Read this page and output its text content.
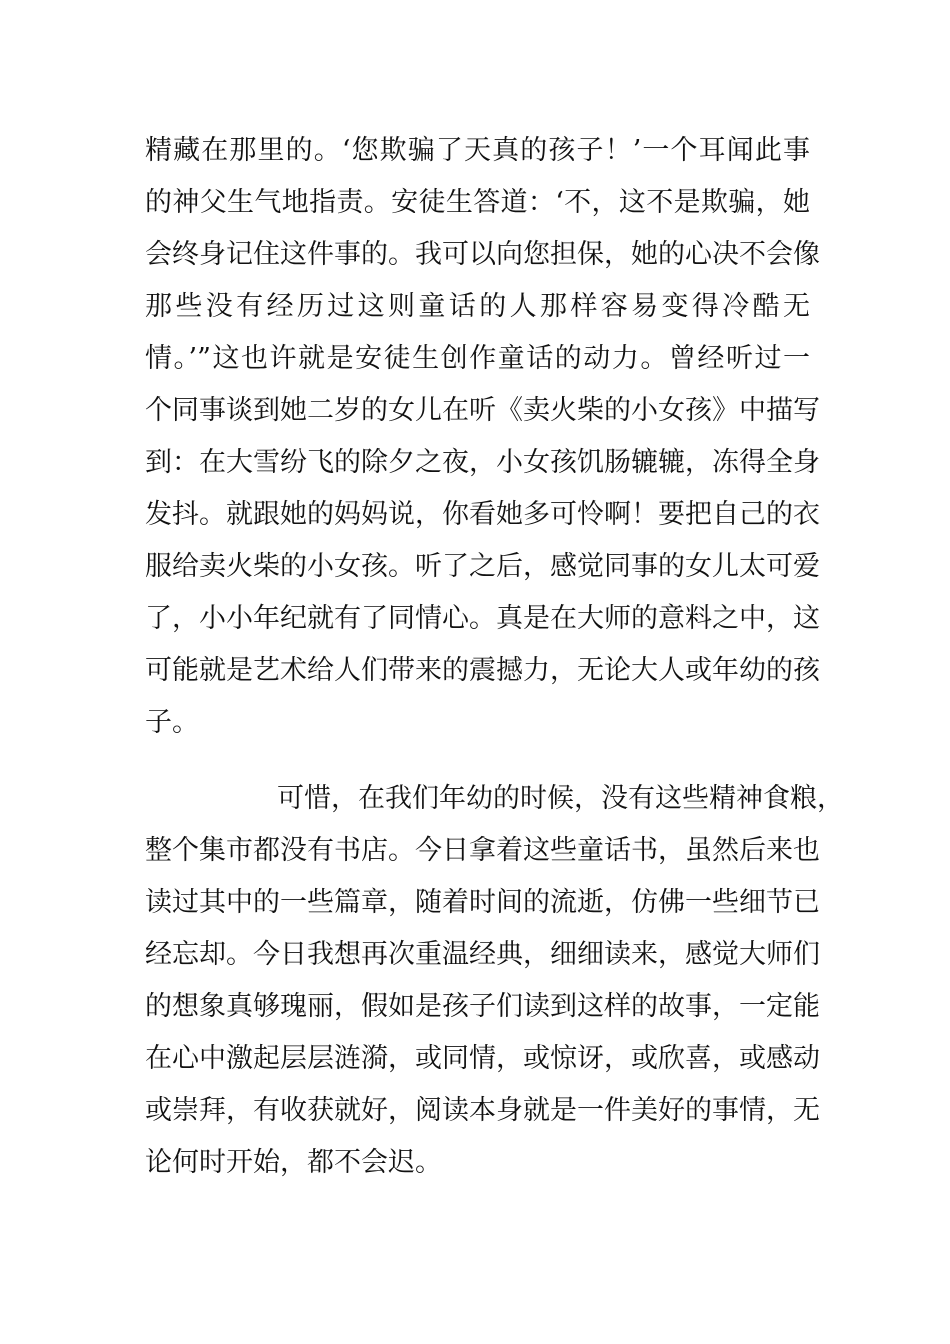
精藏在那里的。‘您欺骗了天真的孩子！’一个耳闻此事
的神父生气地指责。安徒生答道：‘不，这不是欺骗，她
会终身记住这件事的。我可以向您担保，她的心决不会像
那些没有经历过这则童话的人那样容易变得冷酷无
情。’”这也许就是安徒生创作童话的动力。曾经听过一
个同事谈到她二岁的女儿在听《卖火柴的小女孩》中描写
到：在大雪纷飞的除夕之夜，小女孩饥肠辘辘，冻得全身
发抖。就跟她的妈妈说，你看她多可怜啊！要把自己的衣
服给卖火柴的小女孩。听了之后，感觉同事的女儿太可爱
了，小小年纪就有了同情心。真是在大师的意料之中，这
可能就是艺术给人们带来的震撼力，无论大人或年幼的孩
子。
可惜，在我们年幼的时候，没有这些精神食粮，
整个集市都没有书店。今日拿着这些童话书，虽然后来也
读过其中的一些篇章，随着时间的流逝，仿佛一些细节已
经忘却。今日我想再次重温经典，细细读来，感觉大师们
的想象真够瑰丽，假如是孩子们读到这样的故事，一定能
在心中激起层层涟漪，或同情，或惊讶，或欣喜，或感动
或崇拜，有收获就好，阅读本身就是一件美好的事情，无
论何时开始，都不会迟。
